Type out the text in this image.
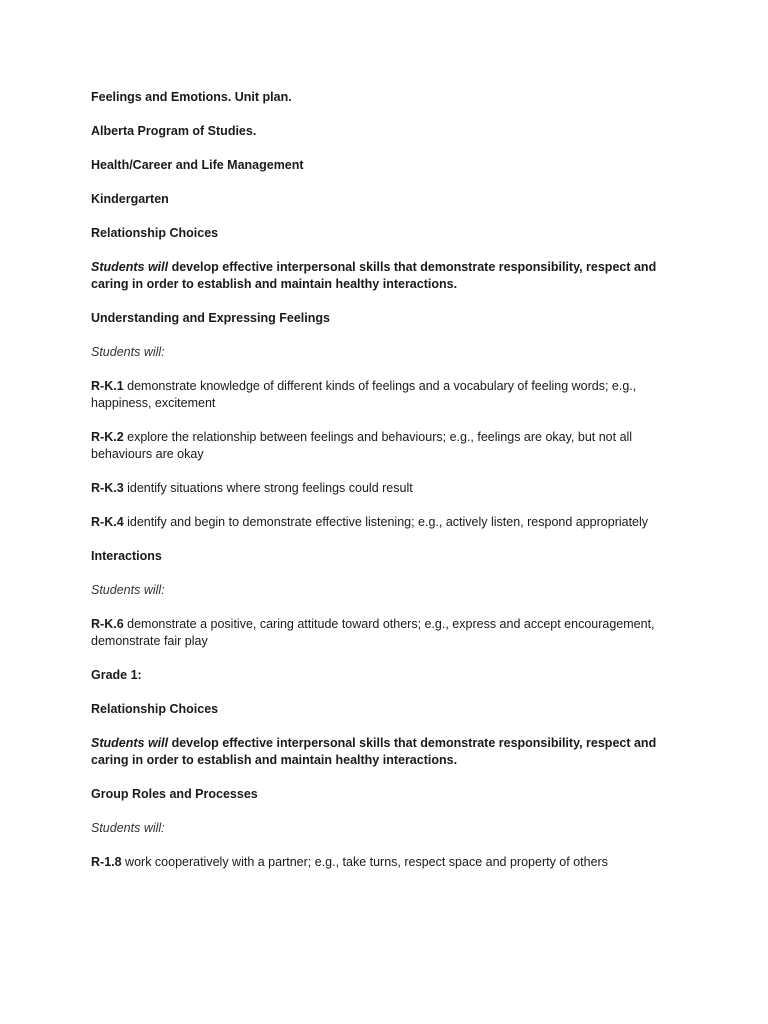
Feelings and Emotions. Unit plan.

Alberta Program of Studies.

Health/Career and Life Management

Kindergarten

Relationship Choices

Students will develop effective interpersonal skills that demonstrate responsibility, respect and caring in order to establish and maintain healthy interactions.

Understanding and Expressing Feelings

Students will:

R-K.1 demonstrate knowledge of different kinds of feelings and a vocabulary of feeling words; e.g., happiness, excitement

R-K.2 explore the relationship between feelings and behaviours; e.g., feelings are okay, but not all behaviours are okay

R-K.3 identify situations where strong feelings could result

R-K.4 identify and begin to demonstrate effective listening; e.g., actively listen, respond appropriately

Interactions

Students will:

R-K.6 demonstrate a positive, caring attitude toward others; e.g., express and accept encouragement, demonstrate fair play

Grade 1:

Relationship Choices

Students will develop effective interpersonal skills that demonstrate responsibility, respect and caring in order to establish and maintain healthy interactions.

Group Roles and Processes

Students will:

R-1.8 work cooperatively with a partner; e.g., take turns, respect space and property of others
